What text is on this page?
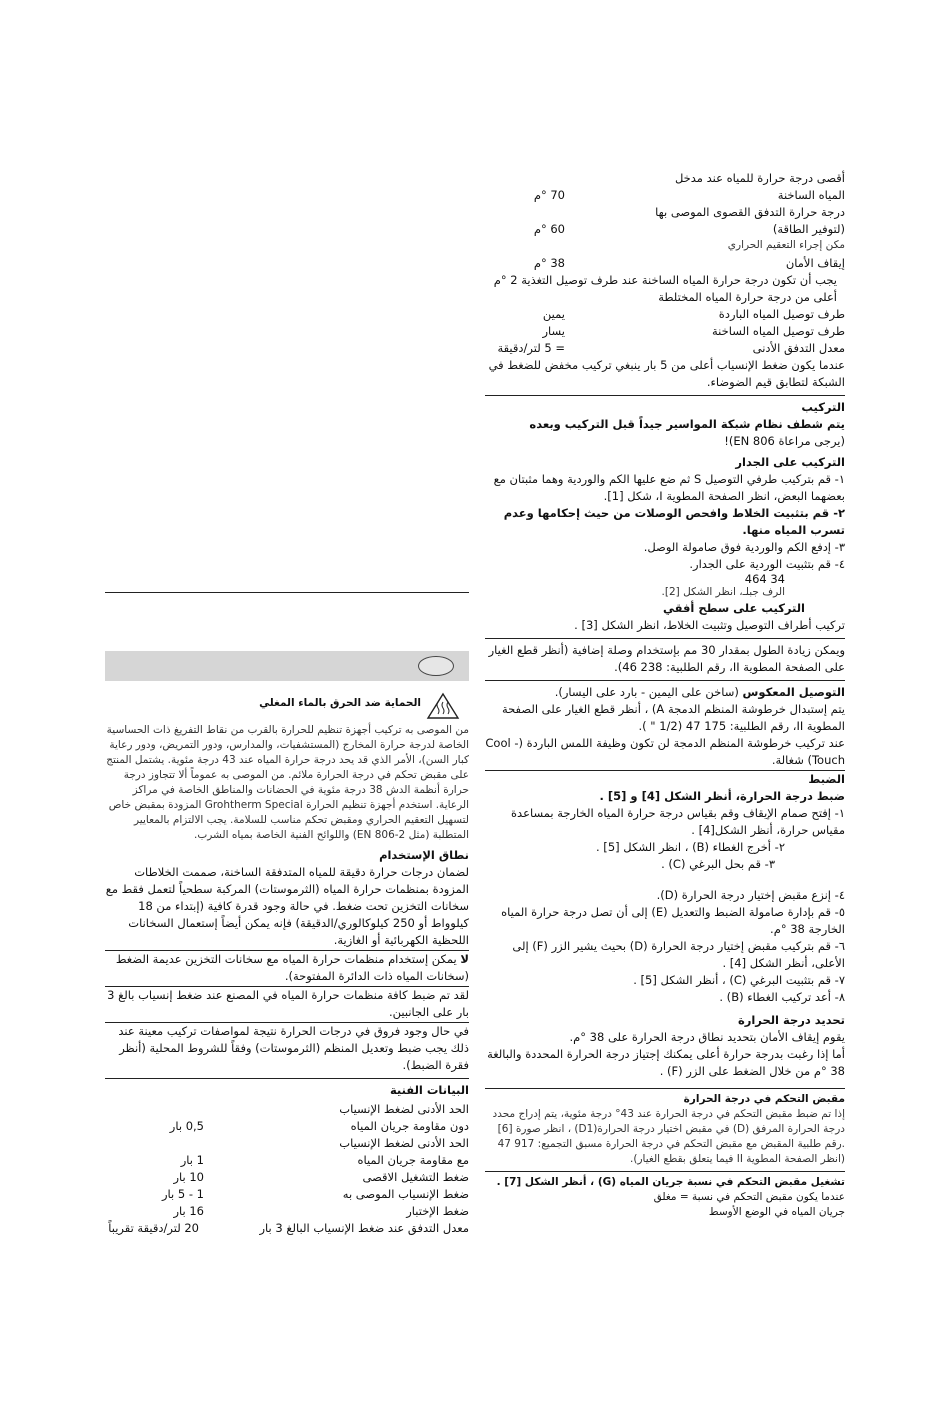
أقصى درجة حرارة للمياه عند مدخل
المياه الساخنة
70 °م
درجة حرارة التدفق القصوى الموصى بها
(لتوفير الطاقة)
60 °م
مكن إجراء التعقيم الحراري
إيقاف الأمان
38 °م

يجب أن تكون درجة حرارة المياه الساخنة عند طرف توصيل التغذية 2 °م أعلى من درجة حرارة المياه المختلطة

طرف توصيل المياه الباردة
يمين
طرف توصيل المياه الساخنة
يسار
معدل التدفق الأدنى
= 5 لتر/دقيقة

عندما يكون ضغط الإنسياب أعلى من 5 بار ينبغي تركيب مخفض للضغط في الشبكة لتطابق قيم الضوضاء.

التركيب

يتم شطف نظام شبكة المواسير جيداً قبل التركيب وبعده

(يرجى مراعاة EN 806)!

التركيب على الجدار

١- قم بتركيب طرفي التوصيل S ثم ضع عليها الكم والوردية وهما مثبتان مع بعضهما البعض، انظر الصفحة المطوية I، شكل [1].

٢- قم بتثبيت الخلاط وافحص الوصلات من حيث إحكامها وعدم تسرب المياه منها.

٣- إدفع الكم والوردية فوق صامولة الوصل.

٤- قم بتثبيت الوردية على الجدار.

34 464

الرف جبلـ، انظر الشكل [2].

التركيب على سطح أفقي

تركيب أطراف التوصيل وتثبيت الخلاط، انظر الشكل [3] .

ويمكن زيادة الطول بمقدار 30 مم بإستخدام وصلة إضافية (أنظر قطع الغيار على الصفحة المطوية II، رقم الطلبية: 238 46).

التوصيل المعكوس (ساخن على اليمين - بارد على اليسار).

يتم إستبدال خرطوشة المنظم الدمجة A) ، أنظر قطع الغيار على الصفحة المطوية II، رقم الطلبية: 175 47 (1/2 " ).

عند تركيب خرطوشة المنظم الدمجة لن تكون وظيفة اللمس الباردة (Cool -Touch) شغالة.

الضبط

ضبط درجة الحرارة، أنظر الشكل [4] و [5] .

١- إفتح صمام الإيقاف وقم بقياس درجة حرارة المياه الخارجة بمساعدة مقياس حرارة، أنظر الشكل[4] .

٢- أخرج الغطاء (B) ، انظر الشكل [5] .

٣- قم بحل البرغي (C) .

٤- إنزع مقبض إختيار درجة الحرارة (D).

٥- قم بإدارة صامولة الضبط والتعديل (E) إلى أن تصل درجة حرارة المياه الخارجة 38 °م.

٦- قم بتركيب مقبض إختيار درجة الحرارة (D) بحيث يشير الزر (F) إلى الأعلى، أنظر الشكل [4] .

٧- قم بتثبيت البرغي (C) ، أنظر الشكل [5] .

٨- أعد تركيب الغطاء (B) .

تحديد درجة الحرارة

يقوم إيقاف الأمان بتحديد نطاق درجة الحرارة على 38 °م.

أما إذا رغبت بدرجة حرارة أعلى يمكنك إجتياز درجة الحرارة المحددة والبالغة 38 °م من خلال الضغط على الزر (F) .

مقبض التحكم في درجة الحرارة

إذا تم ضبط مقبض التحكم في درجة الحرارة عند 43° درجة مئوية، يتم إدراج محدد درجة الحرارة المرفق (D) في مقبض اختيار درجة الحرارة(D1) ، انظر صورة [6] .رقم طلبية المقبض مع مقبض التحكم في درجة الحرارة مسبق التجميع: 917 47 (انظر الصفحة المطوية II فيما يتعلق بقطع الغيار).

تشغيل مقبض التحكم في نسبة جريان المياه (G) ، أنظر الشكل [7] .

عندما يكون مقبض التحكم في نسبة = مغلق

جريان المياه في الوضع الأوسط

الحماية ضد الحرق بالماء المغلي

من الموصى به تركيب أجهزة تنظيم للحرارة بالقرب من نقاط التفريغ ذات الحساسية الخاصة لدرجة حرارة المخارج (المستشفيات، والمدارس، ودور التمريض، ودور رعاية كبار السن)، الأمر الذي قد يحد درجة حرارة المياه عند 43 درجة مئوية. يشتمل المنتج على مقبض تحكم في درجة الحرارة ملائم. من الموصى به عموماً ألا تتجاوز درجة حرارة أنظمة الدش 38 درجة مئوية في الحضانات والمناطق الخاصة في مراكز الرعاية. استخدم أجهزة تنظيم الحرارة Grohtherm Special المزودة بمقبض خاص لتسهيل التعقيم الحراري ومقبض تحكم مناسب للسلامة. يجب الالتزام بالمعايير المتطلبة (مثل EN 806-2) واللوائح الفنية الخاصة بمياه الشرب.

نطاق الإستخدام

لضمان درجات حرارة دقيقة للمياه المتدفقة الساخنة، صممت الخلاطات المزودة بمنظمات حرارة المياه (الثرموستات) المركبة سطحياً لتعمل فقط مع سخانات التخزين تحت ضغط. في حالة وجود قدرة كافية (إبتداء من 18 كيلوواط أو 250 كيلوكالوري/الدقيقة) فإنه يمكن أيضاً إستعمال السخانات اللحظية الكهربائية أو الغازية.

لا يمكن إستخدام منظمات حرارة المياه مع سخانات التخزين عديمة الضغط (سخانات المياه ذات الدائرة المفتوحة).

لقد تم ضبط كافة منظمات حرارة المياه في المصنع عند ضغط إنسياب بالغ 3 بار على الجانبين.

في حال وجود فروق في درجات الحرارة نتيجة لمواصفات تركيب معينة عند ذلك يجب ضبط وتعديل المنظم (الثرموستات) وفقاً للشروط المحلية (أنظر فقرة الضبط).

البيانات الفنية

الحد الأدنى لضغط الإنسياب
دون مقاومة جريان المياه
0,5 بار
الحد الأدنى لضغط الإنسياب
مع مقاومة جريان المياه
1 بار
ضغط التشغيل الاقصى
10 بار
ضغط الإنسياب الموصى به
1 - 5 بار
ضغط الإختبار
16 بار
معدل التدفق عند ضغط الإنسياب البالغ 3 بار
20 لتر/دقيقة تقريباً
